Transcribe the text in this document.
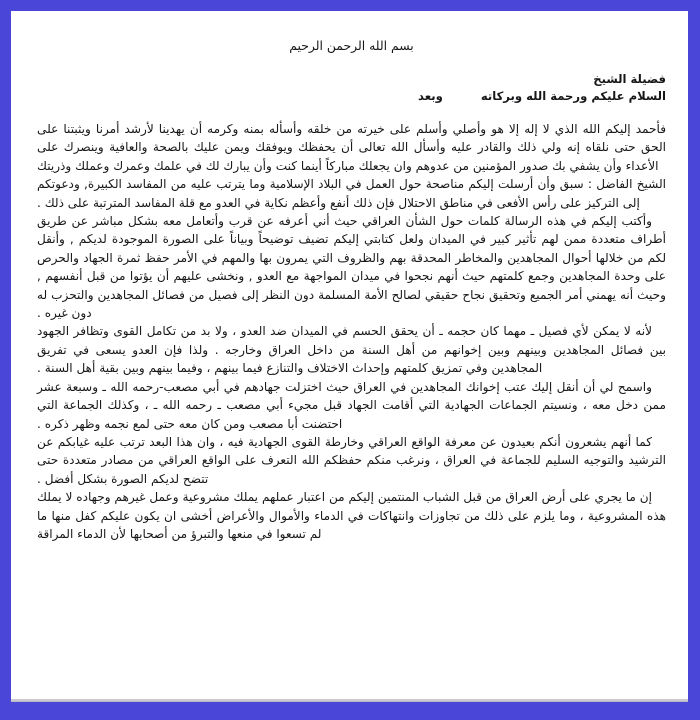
بسم الله الرحمن الرحيم
فضيلة الشيخ
السلام عليكم ورحمة الله وبركاته
وبعد

فأحمد إليكم الله الذي لا إله إلا هو وأصلي وأسلم على خيرته من خلقه وأسأله بمنه وكرمه أن يهدينا لأرشد أمرنا ويثبتنا على الحق حتى نلقاه إنه ولي ذلك والقادر عليه وأسأل الله تعالى أن يحفظك ويوفقك ويمن عليك بالصحة والعافية وينصرك على الأعداء وأن يشفي بك صدور المؤمنين من عدوهم وان يجعلك مباركاً أينما كنت وأن يبارك لك في علمك وعمرك وعملك وذريتك

الشيخ الفاضل : سبق وأن أرسلت إليكم مناصحة حول العمل في البلاد الإسلامية وما يترتب عليه من المفاسد الكبيرة, ودعوتكم إلى التركيز على رأس الأفعى في مناطق الاحتلال فإن ذلك أنفع وأعظم نكاية في العدو مع قلة المفاسد المترتبة على ذلك .

وأكتب إليكم في هذه الرسالة كلمات حول الشأن العراقي حيث أني أعرفه عن قرب وأتعامل معه بشكل مباشر عن طريق أطراف متعددة ممن لهم تأثير كبير في الميدان ولعل كتابتي إليكم تضيف توضيحاً وبياناً على الصورة الموجودة لديكم , وأنقل لكم من خلالها أحوال المجاهدين والمخاطر المحدقة بهم والظروف التي يمرون بها والمهم في الأمر حفظ ثمرة الجهاد والحرص على وحدة المجاهدين وجمع كلمتهم حيث أنهم نجحوا في ميدان المواجهة مع العدو , ونخشى عليهم أن يؤتوا من قبل أنفسهم , وحيث أنه يهمني أمر الجميع وتحقيق نجاح حقيقي لصالح الأمة المسلمة دون النظر إلى فصيل من فصائل المجاهدين والتحزب له دون غيره .

لأنه لا يمكن لأي فصيل ـ مهما كان حجمه ـ أن يحقق الحسم في الميدان ضد العدو ، ولا بد من تكامل القوى وتظافر الجهود بين فصائل المجاهدين وبينهم وبين إخوانهم من أهل السنة من داخل العراق وخارجه . ولذا فإن العدو يسعى في تفريق المجاهدين وفي تمزيق كلمتهم وإحداث الاختلاف والتنازع فيما بينهم ، وفيما بينهم وبين بقية أهل السنة .

واسمح لي أن أنقل إليك عتب إخوانك المجاهدين في العراق حيث اختزلت جهادهم في أبي مصعب-رحمه الله ـ وسبعة عشر ممن دخل معه ، ونسيتم الجماعات الجهادية التي أقامت الجهاد قبل مجيء أبي مصعب ـ رحمه الله ـ ، وكذلك الجماعة التي احتضنت أبا مصعب ومن كان معه حتى لمع نجمه وظهر ذكره .

كما أنهم يشعرون أنكم بعيدون عن معرفة الواقع العراقي وخارطة القوى الجهادية فيه ، وان هذا البعد ترتب عليه غيابكم عن الترشيد والتوجيه السليم للجماعة في العراق ، ونرغب منكم حفظكم الله التعرف على الواقع العراقي من مصادر متعددة حتى تتضح لديكم الصورة بشكل أفضل .

إن ما يجري على أرض العراق من قبل الشباب المنتمين إليكم من اعتبار عملهم يملك مشروعية وعمل غيرهم وجهاده لا يملك هذه المشروعية ، وما يلزم على ذلك من تجاوزات وانتهاكات في الدماء والأموال والأعراض أخشى ان يكون عليكم كفل منها ما لم تسعوا في منعها والتبرؤ من أصحابها لأن الدماء المراقة
